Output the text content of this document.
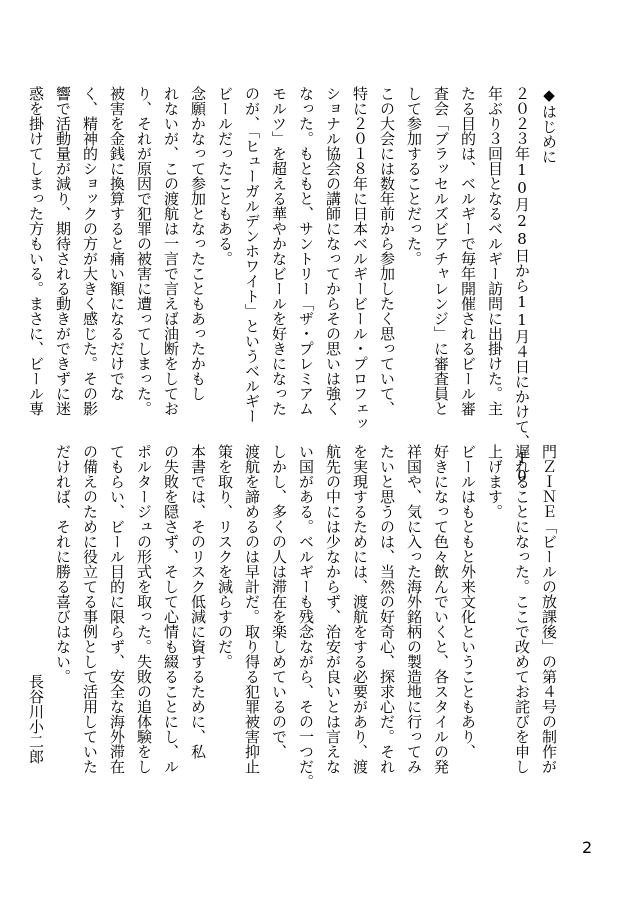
◆はじめに
２０２３年10月28日から11月４日にかけて、10
年ぶり３回目となるベルギー訪問に出掛けた。主
たる目的は、ベルギーで毎年開催されるビール審
査会「ブラッセルズビアチャレンジ」に審査員と
して参加することだった。
この大会には数年前から参加したく思っていて、
特に２０１８年に日本ベルギービール・プロフェッ
ショナル協会の講師になってからその思いは強く
なった。もともと、サントリー「ザ・プレミアム
モルツ」を超える華やかなビールを好きになった
のが、「ヒューガルデンホワイト」というベルギー
ビールだったこともある。
念願かなって参加となったこともあったかもし
れないが、この渡航は一言で言えば油断をしてお
り、それが原因で犯罪の被害に遭ってしまった。
被害を金銭に換算すると痛い額になるだけでな
く、精神的ショックの方が大きく感じた。その影
響で活動量が減り、期待される動きができずに迷
惑を掛けてしまった方もいる。まさに、ビール専
門ＺＩＮＥ「ビールの放課後」の第４号の制作が
遅れることになった。ここで改めてお詫びを申し
上げます。
ビールはもともと外来文化ということもあり、
好きになって色々飲んでいくと、各スタイルの発
祥国や、気に入った海外銘柄の製造地に行ってみ
たいと思うのは、当然の好奇心、探求心だ。それ
を実現するためには、渡航をする必要があり、渡
航先の中には少なからず、治安が良いとは言えな
い国がある。ベルギーも残念ながら、その一つだ。
しかし、多くの人は滞在を楽しめているので、
渡航を諦めるのは早計だ。取り得る犯罪被害抑止
策を取り、リスクを減らすのだ。
本書では、そのリスク低減に資するために、私
の失敗を隠さず、そして心情も綴ることにし、ル
ポルタージュの形式を取った。失敗の追体験をし
てもらい、ビール目的に限らず、安全な海外滞在
の備えのために役立てる事例として活用していた
だければ、それに勝る喜びはない。
長谷川小二郎
2
